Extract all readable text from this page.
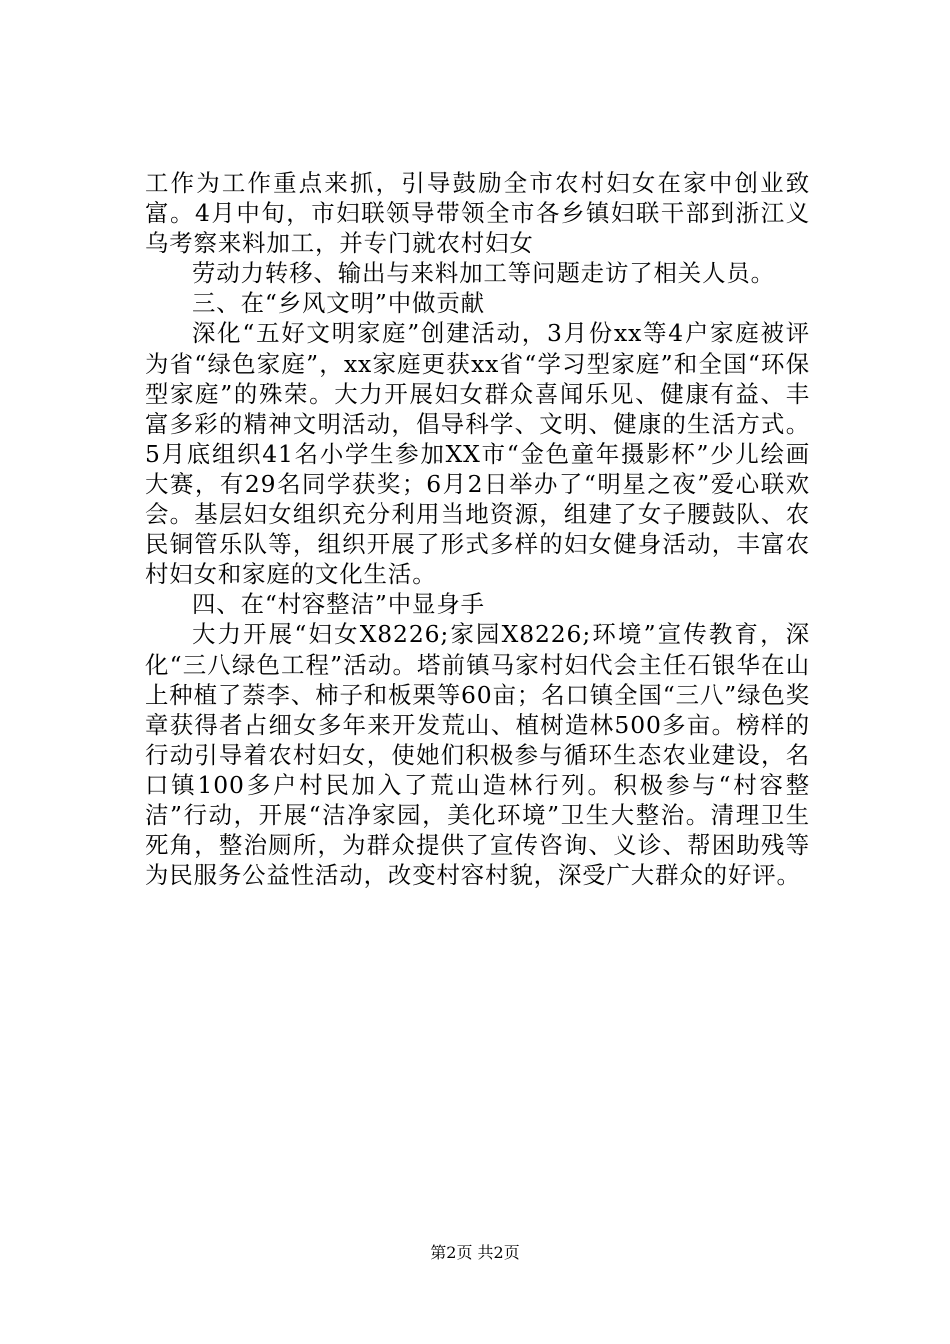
工作为工作重点来抓，引导鼓励全市农村妇女在家中创业致富。4月中旬，市妇联领导带领全市各乡镇妇联干部到浙江义乌考察来料加工，并专门就农村妇女

劳动力转移、输出与来料加工等问题走访了相关人员。

三、在“乡风文明”中做贡献

深化“五好文明家庭”创建活动，3月份xx等4户家庭被评为省“绿色家庭”，xx家庭更获xx省“学习型家庭”和全国“环保型家庭”的殊荣。大力开展妇女群众喜闻乐见、健康有益、丰富多彩的精神文明活动，倡导科学、文明、健康的生活方式。5月底组织41名小学生参加XX市“金色童年摄影杯”少儿绘画大赛，有29名同学获奖；6月2日举办了“明星之夜”爱心联欢会。基层妇女组织充分利用当地资源，组建了女子腰鼓队、农民铜管乐队等，组织开展了形式多样的妇女健身活动，丰富农村妇女和家庭的文化生活。

四、在“村容整洁”中显身手

大力开展“妇女X8226;家园X8226;环境”宣传教育，深化“三八绿色工程”活动。塔前镇马家村妇代会主任石银华在山上种植了萘李、柿子和板栗等60亩；名口镇全国“三八”绿色奖章获得者占细女多年来开发荒山、植树造林500多亩。榜样的行动引导着农村妇女，使她们积极参与循环生态农业建设，名口镇100多户村民加入了荒山造林行列。积极参与“村容整洁”行动，开展“洁净家园，美化环境”卫生大整治。清理卫生死角，整治厕所，为群众提供了宣传咨询、义诊、帮困助残等为民服务公益性活动，改变村容村貌，深受广大群众的好评。

第2页 共2页
